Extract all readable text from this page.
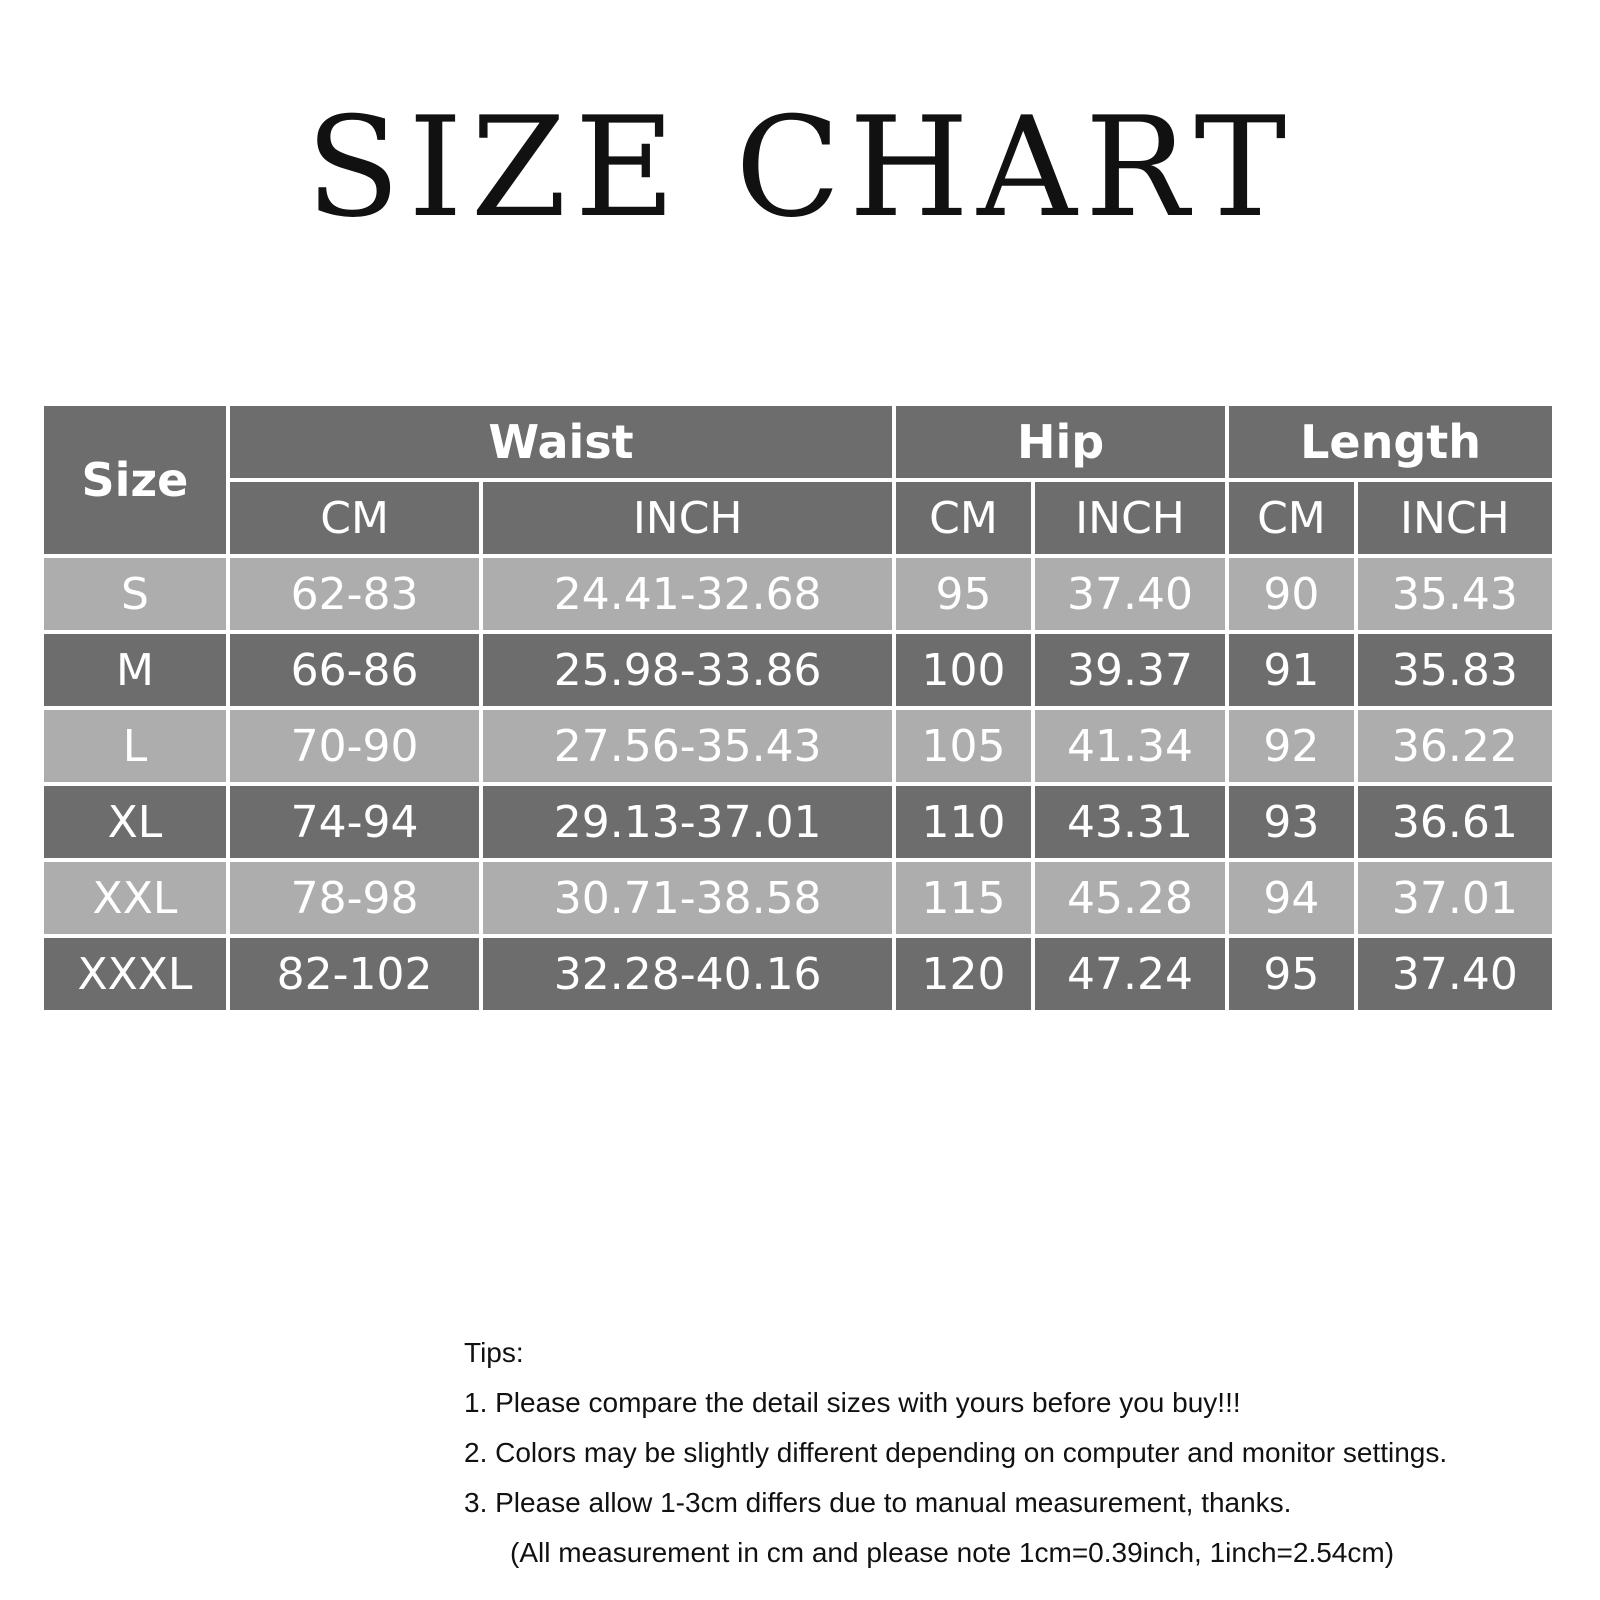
SIZE CHART
Size	Waist		Hip		Length	
	CM	INCH	CM	INCH	CM	INCH
S	62-83	24.41-32.68	95	37.40	90	35.43
M	66-86	25.98-33.86	100	39.37	91	35.83
L	70-90	27.56-35.43	105	41.34	92	36.22
XL	74-94	29.13-37.01	110	43.31	93	36.61
XXL	78-98	30.71-38.58	115	45.28	94	37.01
XXXL	82-102	32.28-40.16	120	47.24	95	37.40

Tips:

1. Please compare the detail sizes with yours before you buy!!!

2. Colors may be slightly different depending on computer and monitor settings.

3. Please allow 1-3cm differs due to manual measurement, thanks.

(All measurement in cm and please note 1cm=0.39inch, 1inch=2.54cm)
